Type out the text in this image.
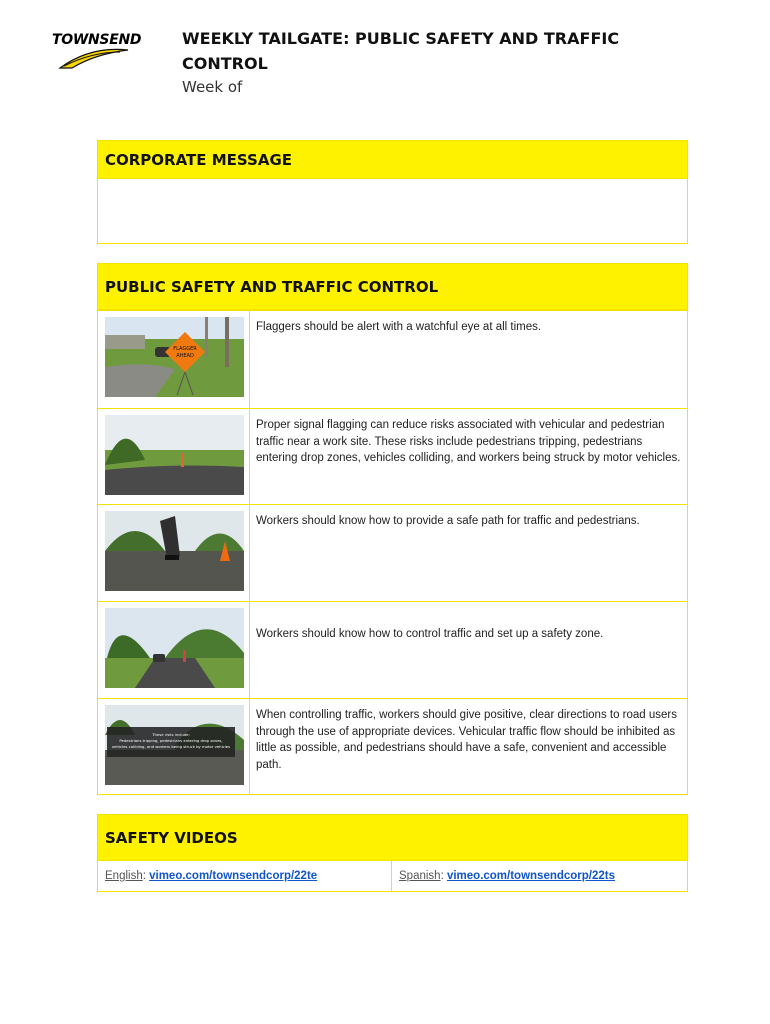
TOWNSEND	WEEKLY TAILGATE: PUBLIC SAFETY AND TRAFFIC CONTROL
Week of
CORPORATE MESSAGE
PUBLIC SAFETY AND TRAFFIC CONTROL
FLAGGER
AHEAD
Flaggers should be alert with a watchful eye at all times.
Proper signal flagging can reduce risks associated with vehicular and pedestrian traffic near a work site. These risks include pedestrians tripping, pedestrians entering drop zones, vehicles colliding, and workers being struck by motor vehicles.
Workers should know how to provide a safe path for traffic and pedestrians.
Workers should know how to control traffic and set up a safety zone.
These risks include:
Pedestrians tripping, pedestrians entering drop zones,
vehicles colliding, and workers being struck by motor vehicles
When controlling traffic, workers should give positive, clear directions to road users through the use of appropriate devices. Vehicular traffic flow should be inhibited as little as possible, and pedestrians should have a safe, convenient and accessible path.
SAFETY VIDEOS
English: vimeo.com/townsendcorp/22te	Spanish: vimeo.com/townsendcorp/22ts
